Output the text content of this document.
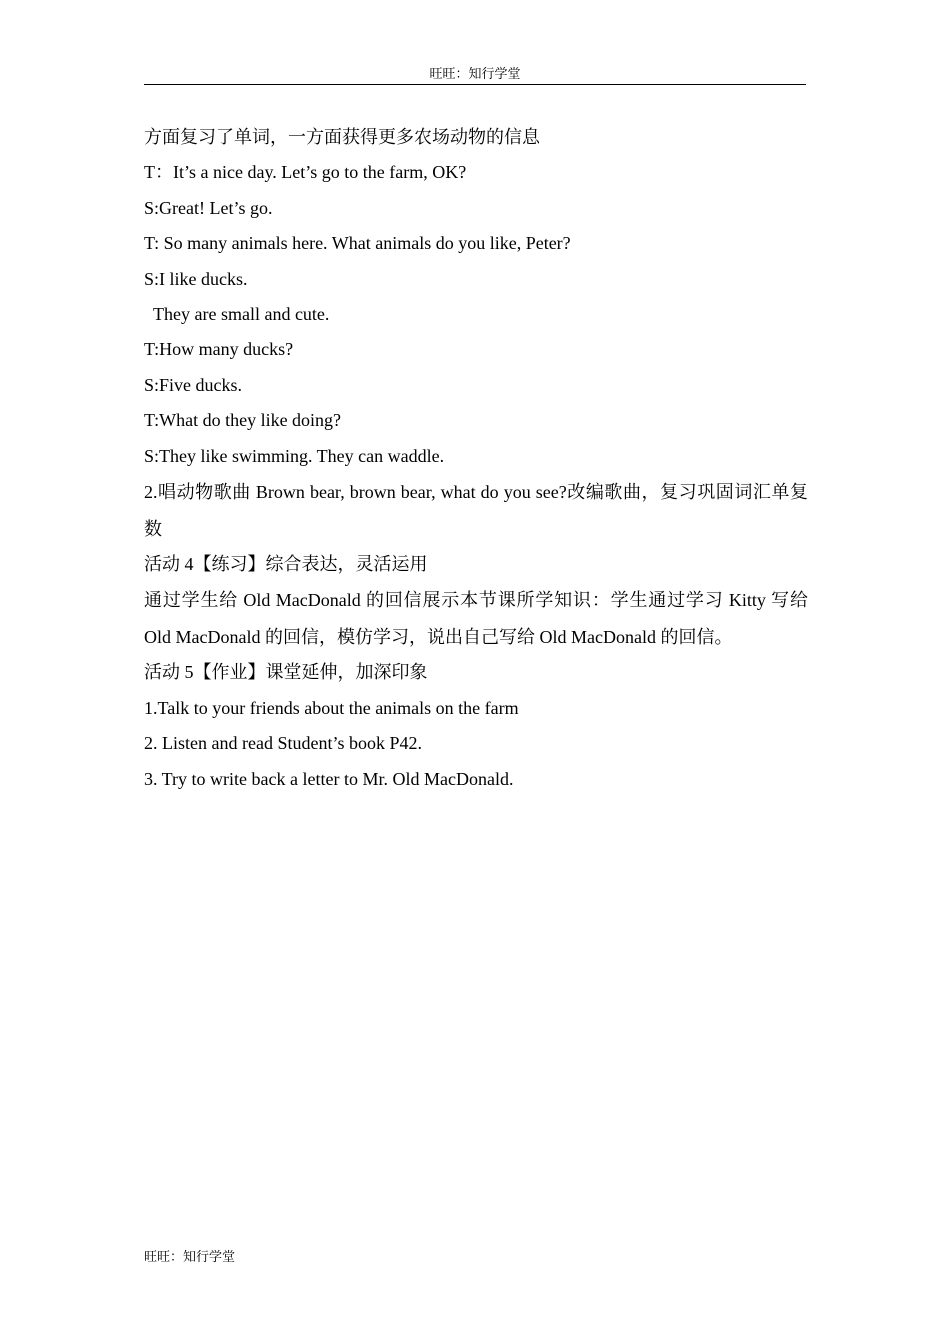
旺旺：知行学堂

方面复习了单词，一方面获得更多农场动物的信息

T：It’s a nice day. Let’s go to the farm, OK?

S:Great! Let’s go.

T: So many animals here. What animals do you like, Peter?

S:I like ducks.

They are small and cute.

T:How many ducks?

S:Five ducks.

T:What do they like doing?

S:They like swimming. They can waddle.

2.唱动物歌曲 Brown bear, brown bear, what do you see?改编歌曲，复习巩固词汇单复数

活动 4【练习】综合表达，灵活运用

通过学生给 Old MacDonald 的回信展示本节课所学知识：学生通过学习 Kitty 写给 Old MacDonald 的回信，模仿学习，说出自己写给 Old MacDonald 的回信。

活动 5【作业】课堂延伸，加深印象

1.Talk to your friends about the animals on the farm

2. Listen and read Student’s book P42.

3. Try to write back a letter to Mr. Old MacDonald.

旺旺：知行学堂
